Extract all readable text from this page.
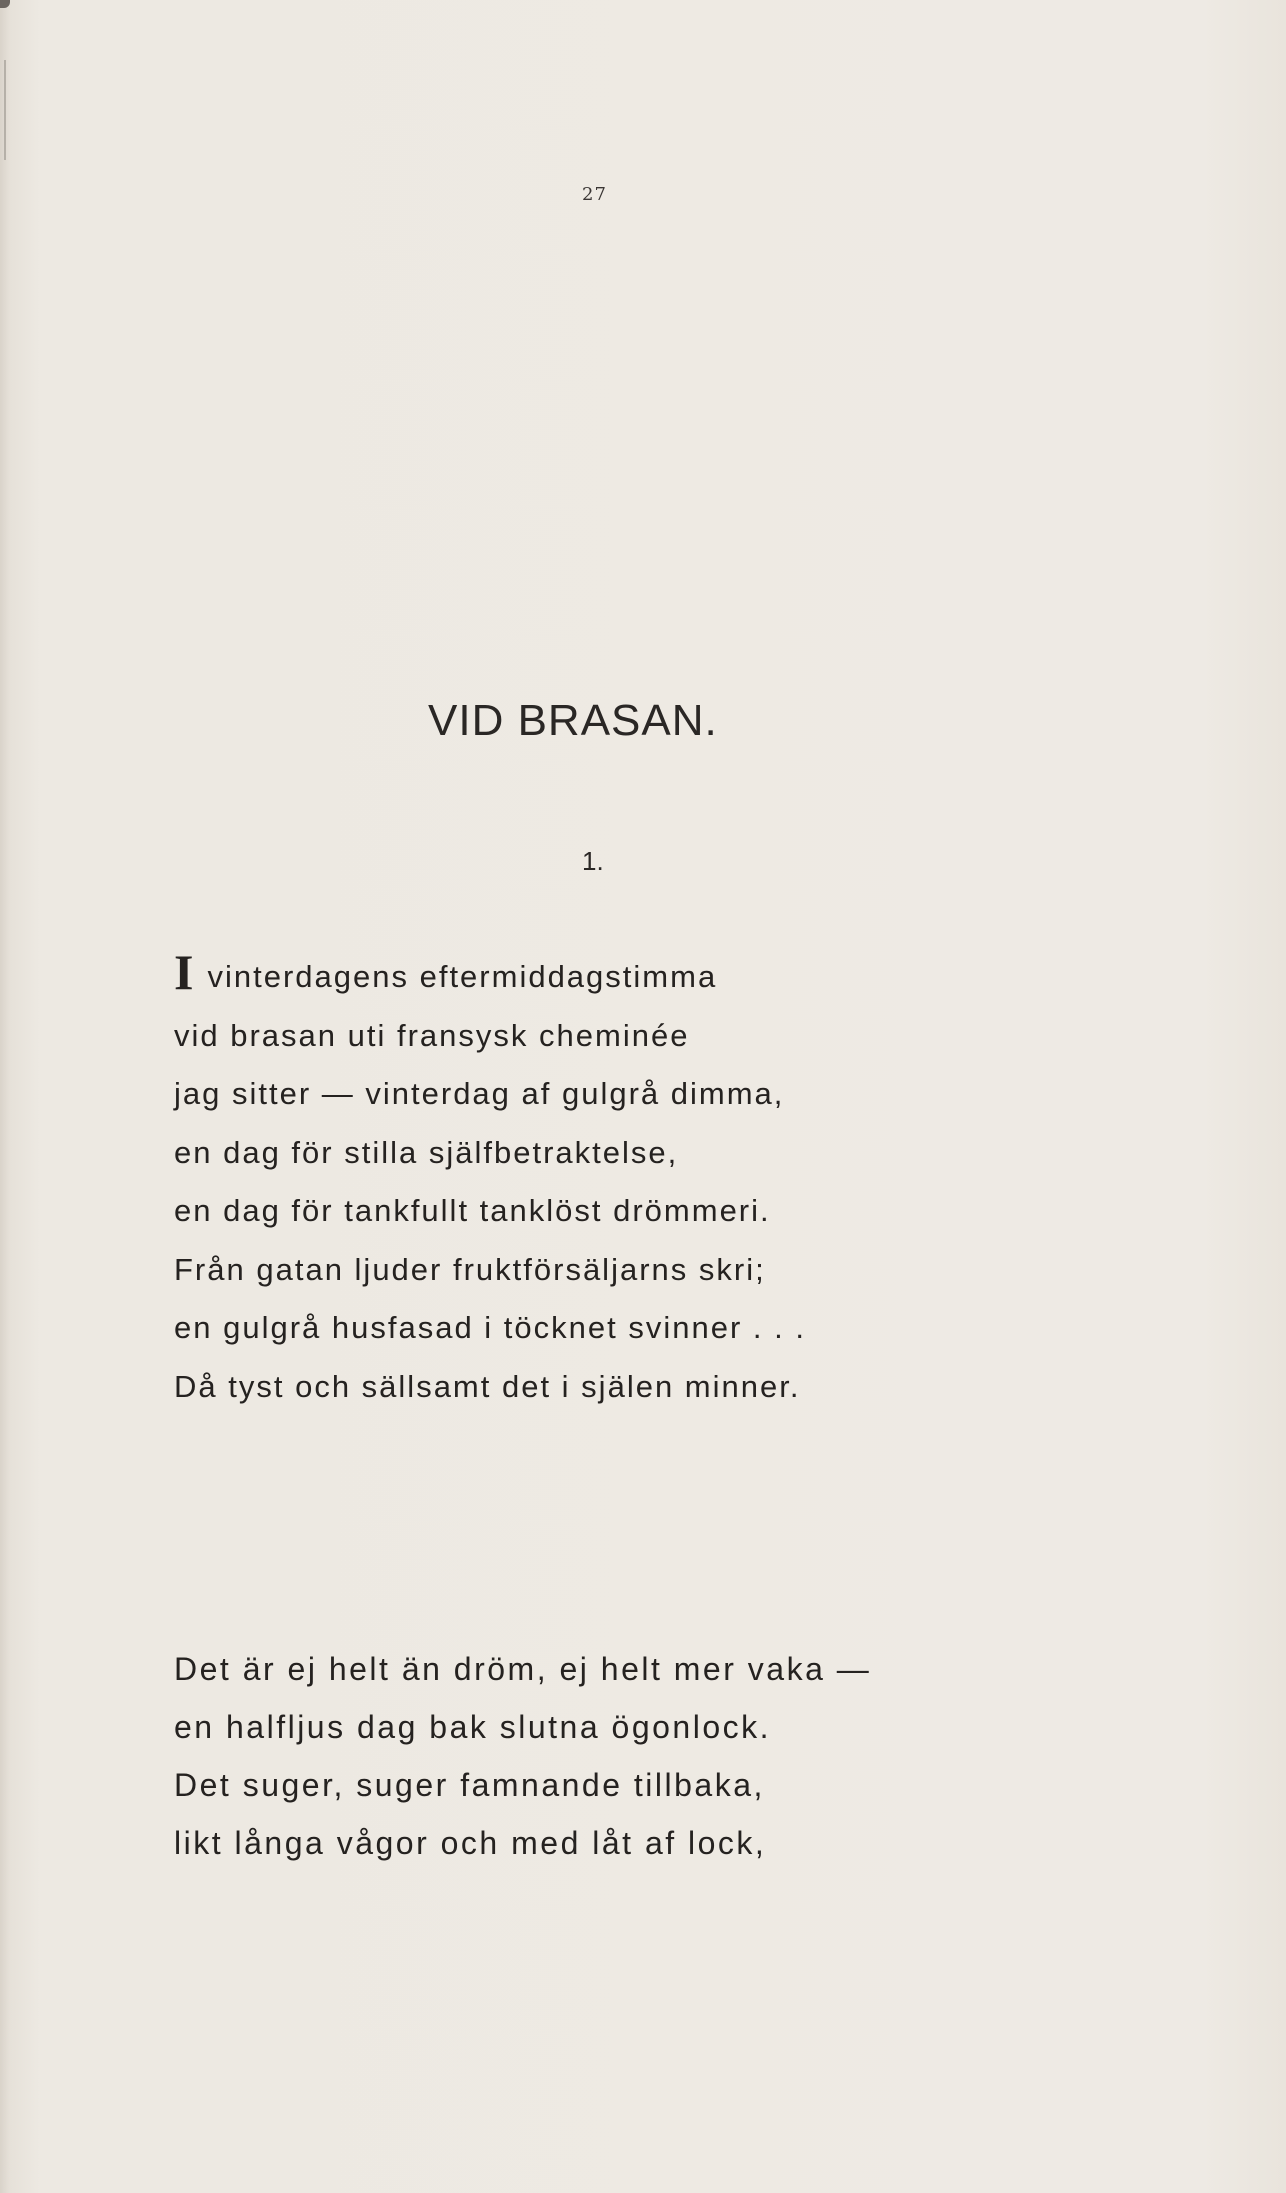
27
VID BRASAN.
1.
Ivinterdagens eftermiddagstimma
vid brasan uti fransysk cheminée
jag sitter — vinterdag af gulgrå dimma,
en dag för stilla själfbetraktelse,
en dag för tankfullt tanklöst drömmeri.
Från gatan ljuder fruktförsäljarns skri;
en gulgrå husfasad i töcknet svinner . . .
Då tyst och sällsamt det i själen minner.
Det är ej helt än dröm, ej helt mer vaka —
en halfljus dag bak slutna ögonlock.
Det suger, suger famnande tillbaka,
likt långa vågor och med låt af lock,
